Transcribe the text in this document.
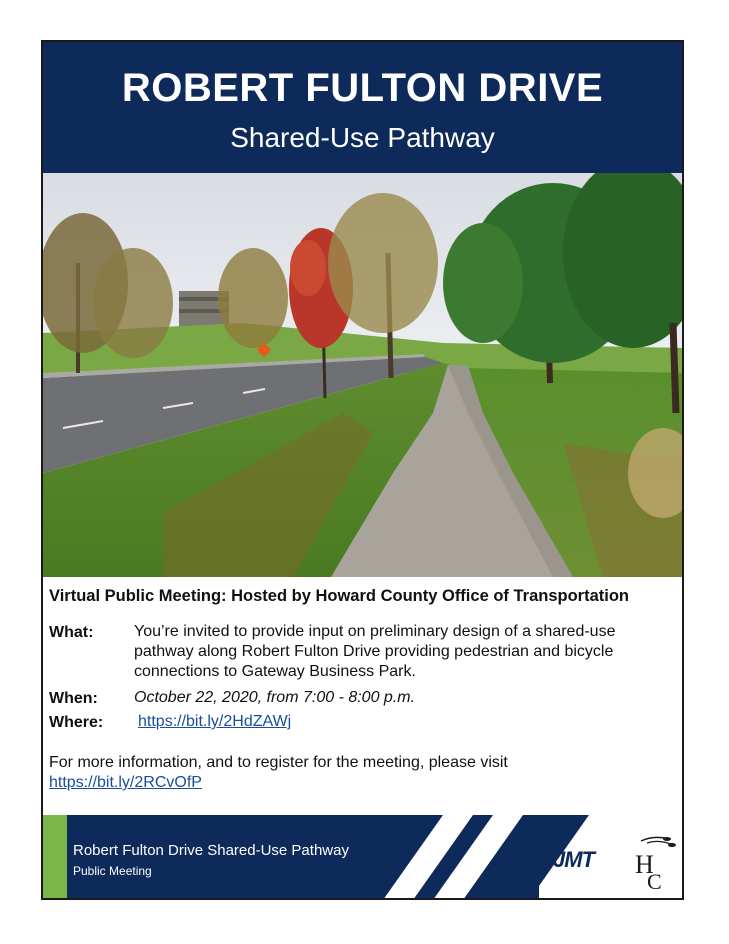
ROBERT FULTON DRIVE
Shared-Use Pathway
Virtual Public Meeting: Hosted by Howard County Office of Transportation
What:	You’re invited to provide input on preliminary design of a shared-use
pathway along Robert Fulton Drive providing pedestrian and bicycle
connections to Gateway Business Park.
When: October 22, 2020, from 7:00 - 8:00 p.m.
Where: https://bit.ly/2HdZAWj
For more information, and to register for the meeting, please visit
https://bit.ly/2RCvOfP
Robert Fulton Drive Shared-Use Pathway
Public Meeting	JMT H
C
